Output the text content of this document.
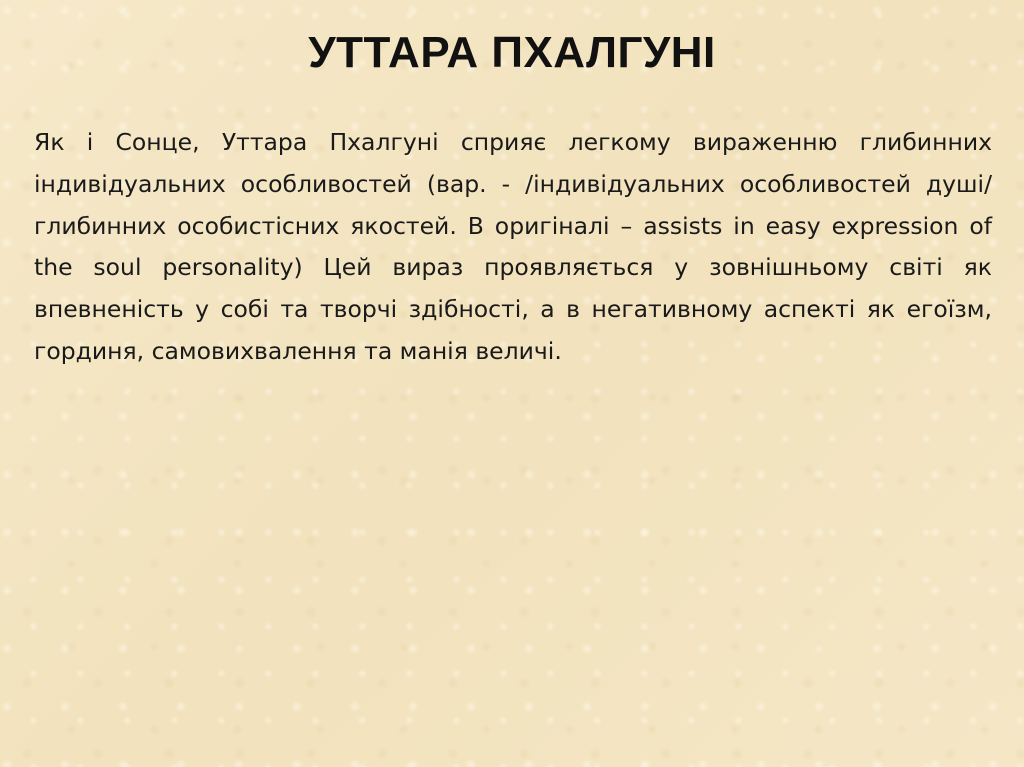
УТТАРА ПХАЛГУНІ

Як і Сонце, Уттара Пхалгуні сприяє легкому вираженню глибинних індивідуальних особливостей (вар. - /індивідуальних особливостей душі/глибинних особистісних якостей. В оригіналі – assists in easy expression of the soul personality) Цей вираз проявляється у зовнішньому світі як впевненість у собі та творчі здібності, а в негативному аспекті як егоїзм, гординя, самовихвалення та манія величі.
